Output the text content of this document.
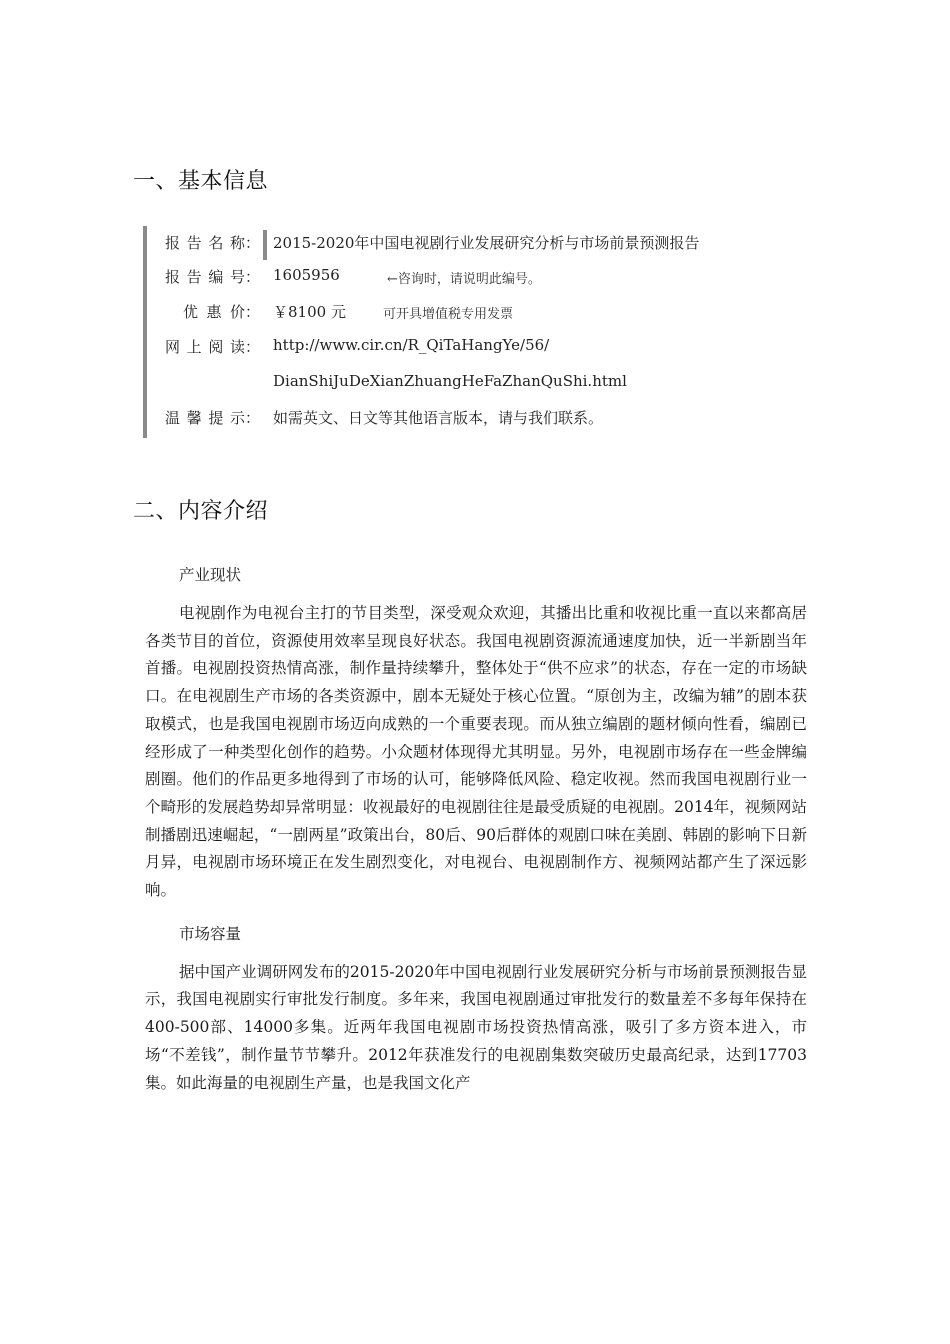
一、基本信息
报告名称 ： 2015-2020年中国电视剧行业发展研究分析与市场前景预测报告
报告编号 ： 1605956	←咨询时，请说明此编号。
优惠价 ： ￥8100 元	可开具增值税专用发票
网上阅读 ： http://www.cir.cn/R_QiTaHangYe/56/
DianShiJuDeXianZhuangHeFaZhanQuShi.html
温馨提示 ： 如需英文、日文等其他语言版本，请与我们联系。
二、内容介绍

产业现状

电视剧作为电视台主打的节目类型，深受观众欢迎，其播出比重和收视比重一直以来都高居各类节目的首位，资源使用效率呈现良好状态。我国电视剧资源流通速度加快，近一半新剧当年首播。电视剧投资热情高涨，制作量持续攀升，整体处于“供不应求”的状态，存在一定的市场缺口。在电视剧生产市场的各类资源中，剧本无疑处于核心位置。“原创为主，改编为辅”的剧本获取模式，也是我国电视剧市场迈向成熟的一个重要表现。而从独立编剧的题材倾向性看，编剧已经形成了一种类型化创作的趋势。小众题材体现得尤其明显。另外，电视剧市场存在一些金牌编剧圈。他们的作品更多地得到了市场的认可，能够降低风险、稳定收视。然而我国电视剧行业一个畸形的发展趋势却异常明显：收视最好的电视剧往往是最受质疑的电视剧。2014年，视频网站制播剧迅速崛起，“一剧两星”政策出台，80后、90后群体的观剧口味在美剧、韩剧的影响下日新月异，电视剧市场环境正在发生剧烈变化，对电视台、电视剧制作方、视频网站都产生了深远影响。

市场容量

据中国产业调研网发布的2015-2020年中国电视剧行业发展研究分析与市场前景预测报告显示，我国电视剧实行审批发行制度。多年来，我国电视剧通过审批发行的数量差不多每年保持在400-500部、14000多集。近两年我国电视剧市场投资热情高涨，吸引了多方资本进入，市场“不差钱”，制作量节节攀升。2012年获准发行的电视剧集数突破历史最高纪录，达到17703集。如此海量的电视剧生产量，也是我国文化产
